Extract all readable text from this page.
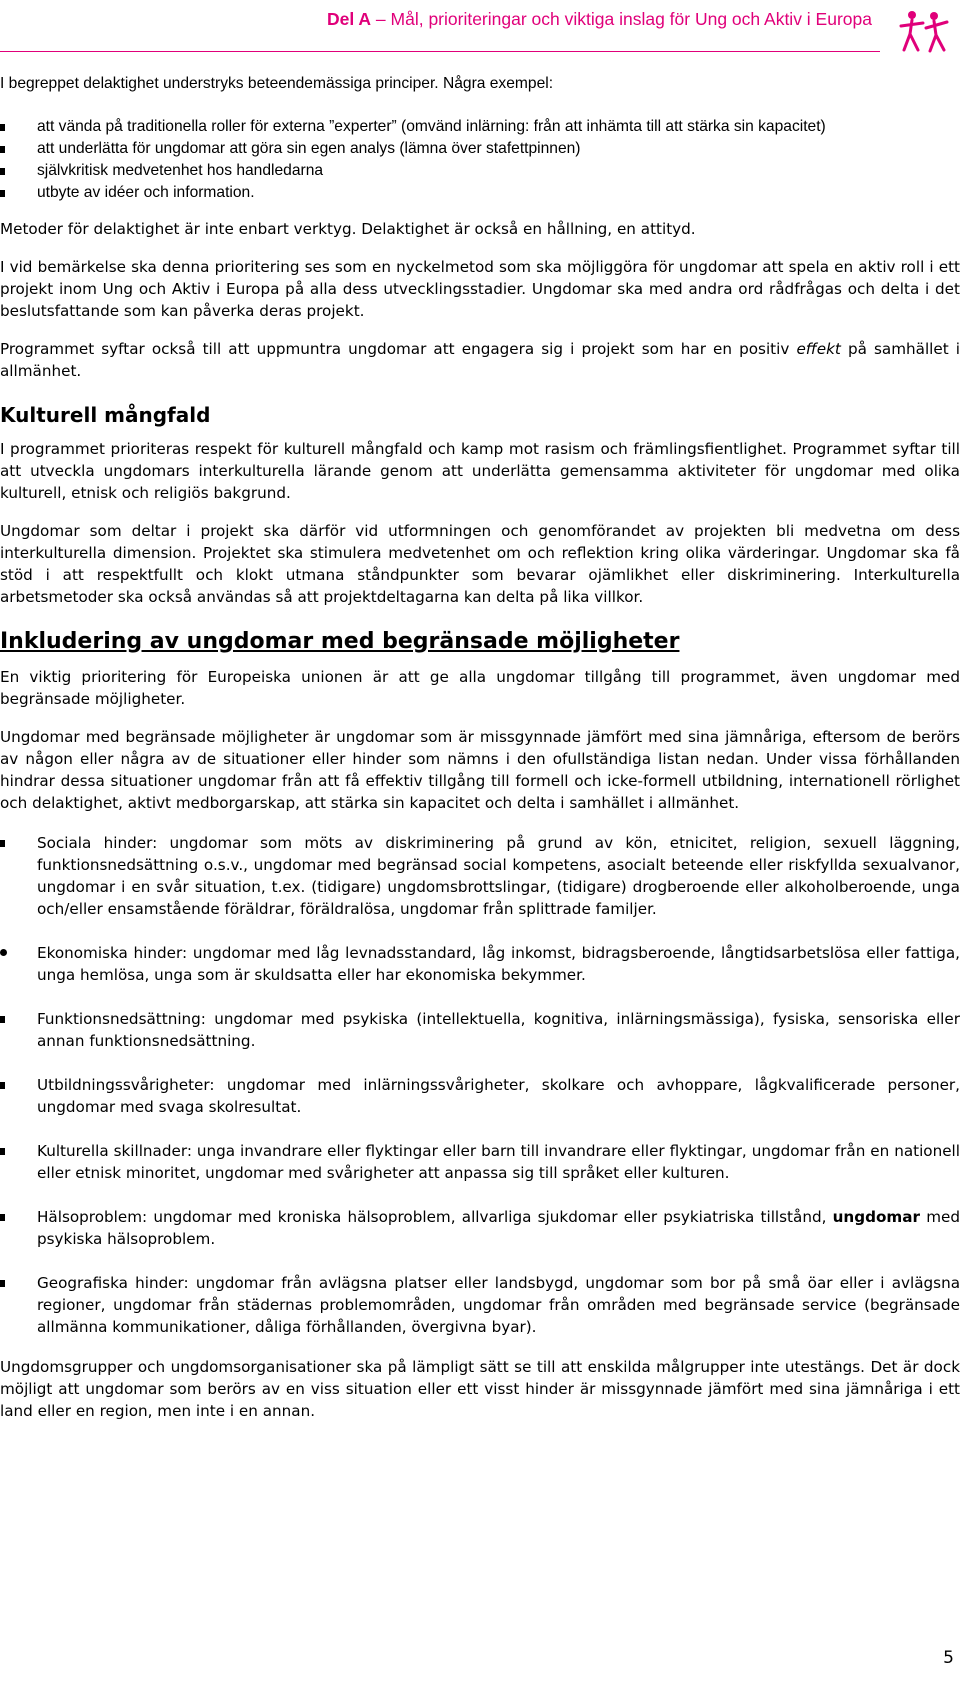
Del A – Mål, prioriteringar och viktiga inslag för Ung och Aktiv i Europa

I begreppet delaktighet understryks beteendemässiga principer. Några exempel:

att vända på traditionella roller för externa ”experter” (omvänd inlärning: från att inhämta till att stärka sin kapacitet)
att underlätta för ungdomar att göra sin egen analys (lämna över stafettpinnen)
självkritisk medvetenhet hos handledarna
utbyte av idéer och information.

Metoder för delaktighet är inte enbart verktyg. Delaktighet är också en hållning, en attityd.

I vid bemärkelse ska denna prioritering ses som en nyckelmetod som ska möjliggöra för ungdomar att spela en aktiv roll i ett projekt inom Ung och Aktiv i Europa på alla dess utvecklingsstadier. Ungdomar ska med andra ord rådfrågas och delta i det beslutsfattande som kan påverka deras projekt.

Programmet syftar också till att uppmuntra ungdomar att engagera sig i projekt som har en positiv effekt på samhället i allmänhet.

Kulturell mångfald

I programmet prioriteras respekt för kulturell mångfald och kamp mot rasism och främlingsfientlighet. Programmet syftar till att utveckla ungdomars interkulturella lärande genom att underlätta gemensamma aktiviteter för ungdomar med olika kulturell, etnisk och religiös bakgrund.

Ungdomar som deltar i projekt ska därför vid utformningen och genomförandet av projekten bli medvetna om dess interkulturella dimension. Projektet ska stimulera medvetenhet om och reflektion kring olika värderingar. Ungdomar ska få stöd i att respektfullt och klokt utmana ståndpunkter som bevarar ojämlikhet eller diskriminering. Interkulturella arbetsmetoder ska också användas så att projektdeltagarna kan delta på lika villkor.

Inkludering av ungdomar med begränsade möjligheter

En viktig prioritering för Europeiska unionen är att ge alla ungdomar tillgång till programmet, även ungdomar med begränsade möjligheter.

Ungdomar med begränsade möjligheter är ungdomar som är missgynnade jämfört med sina jämnåriga, eftersom de berörs av någon eller några av de situationer eller hinder som nämns i den ofullständiga listan nedan. Under vissa förhållanden hindrar dessa situationer ungdomar från att få effektiv tillgång till formell och icke-formell utbildning, internationell rörlighet och delaktighet, aktivt medborgarskap, att stärka sin kapacitet och delta i samhället i allmänhet.

Sociala hinder: ungdomar som möts av diskriminering på grund av kön, etnicitet, religion, sexuell läggning, funktionsnedsättning o.s.v., ungdomar med begränsad social kompetens, asocialt beteende eller riskfyllda sexualvanor, ungdomar i en svår situation, t.ex. (tidigare) ungdomsbrottslingar, (tidigare) drogberoende eller alkoholberoende, unga och/eller ensamstående föräldrar, föräldralösa, ungdomar från splittrade familjer.
Ekonomiska hinder: ungdomar med låg levnadsstandard, låg inkomst, bidragsberoende, långtidsarbetslösa eller fattiga, unga hemlösa, unga som är skuldsatta eller har ekonomiska bekymmer.
Funktionsnedsättning: ungdomar med psykiska (intellektuella, kognitiva, inlärningsmässiga), fysiska, sensoriska eller annan funktionsnedsättning.
Utbildningssvårigheter: ungdomar med inlärningssvårigheter, skolkare och avhoppare, lågkvalificerade personer, ungdomar med svaga skolresultat.
Kulturella skillnader: unga invandrare eller flyktingar eller barn till invandrare eller flyktingar, ungdomar från en nationell eller etnisk minoritet, ungdomar med svårigheter att anpassa sig till språket eller kulturen.
Hälsoproblem: ungdomar med kroniska hälsoproblem, allvarliga sjukdomar eller psykiatriska tillstånd, ungdomar med psykiska hälsoproblem.
Geografiska hinder: ungdomar från avlägsna platser eller landsbygd, ungdomar som bor på små öar eller i avlägsna regioner, ungdomar från städernas problemområden, ungdomar från områden med begränsade service (begränsade allmänna kommunikationer, dåliga förhållanden, övergivna byar).

Ungdomsgrupper och ungdomsorganisationer ska på lämpligt sätt se till att enskilda målgrupper inte utestängs. Det är dock möjligt att ungdomar som berörs av en viss situation eller ett visst hinder är missgynnade jämfört med sina jämnåriga i ett land eller en region, men inte i en annan.

5
